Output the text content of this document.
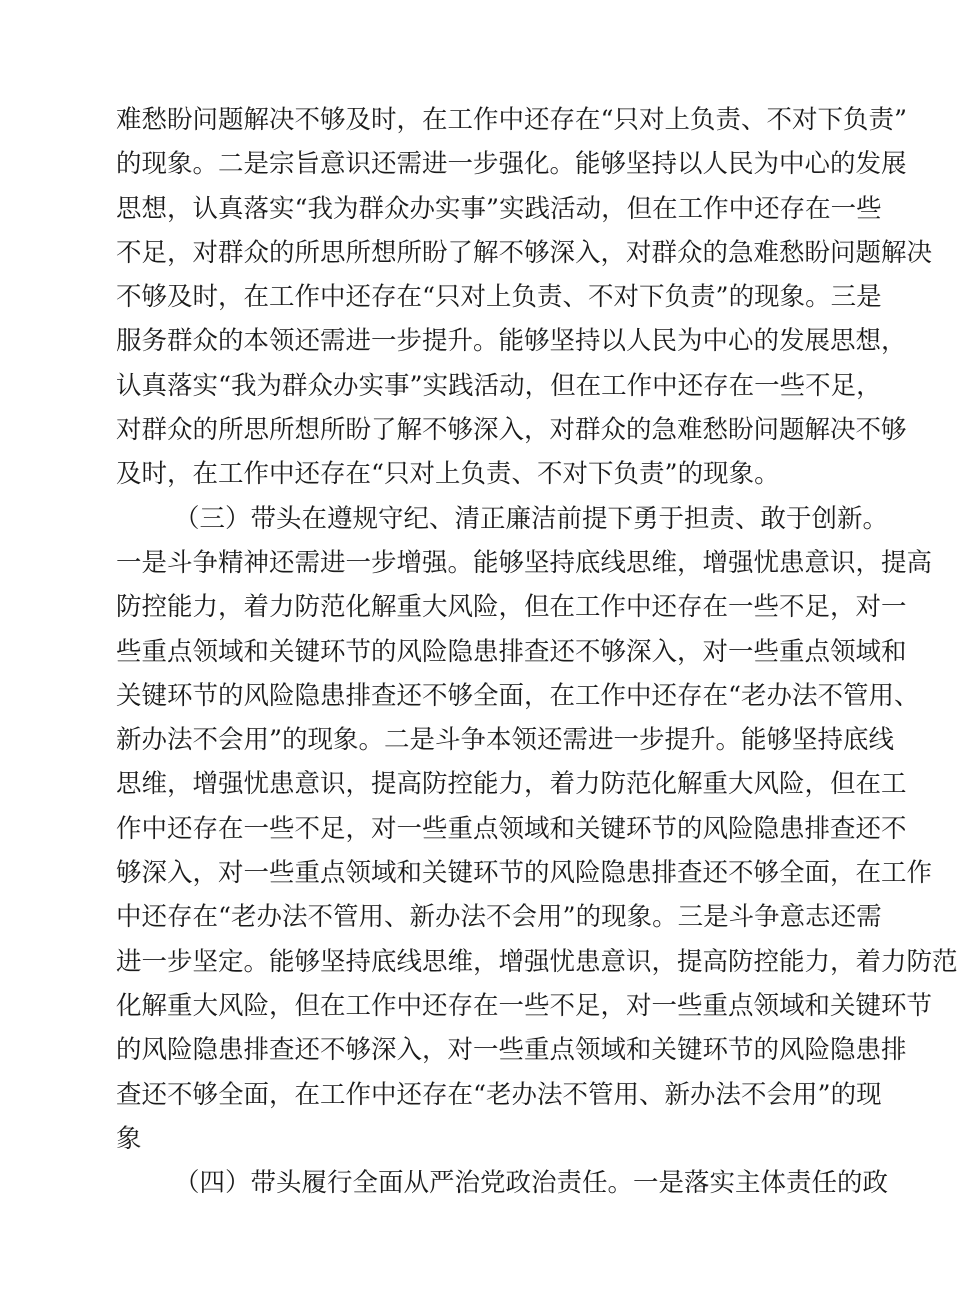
难愁盼问题解决不够及时，在工作中还存在“只对上负责、不对下负责”
的现象。二是宗旨意识还需进一步强化。能够坚持以人民为中心的发展
思想，认真落实“我为群众办实事”实践活动，但在工作中还存在一些
不足，对群众的所思所想所盼了解不够深入，对群众的急难愁盼问题解决
不够及时，在工作中还存在“只对上负责、不对下负责”的现象。三是
服务群众的本领还需进一步提升。能够坚持以人民为中心的发展思想，
认真落实“我为群众办实事”实践活动，但在工作中还存在一些不足，
对群众的所思所想所盼了解不够深入，对群众的急难愁盼问题解决不够
及时，在工作中还存在“只对上负责、不对下负责”的现象。
（三）带头在遵规守纪、清正廉洁前提下勇于担责、敢于创新。
一是斗争精神还需进一步增强。能够坚持底线思维，增强忧患意识，提高
防控能力，着力防范化解重大风险，但在工作中还存在一些不足，对一
些重点领域和关键环节的风险隐患排查还不够深入，对一些重点领域和
关键环节的风险隐患排查还不够全面，在工作中还存在“老办法不管用、
新办法不会用”的现象。二是斗争本领还需进一步提升。能够坚持底线
思维，增强忧患意识，提高防控能力，着力防范化解重大风险，但在工
作中还存在一些不足，对一些重点领域和关键环节的风险隐患排查还不
够深入，对一些重点领域和关键环节的风险隐患排查还不够全面，在工作
中还存在“老办法不管用、新办法不会用”的现象。三是斗争意志还需
进一步坚定。能够坚持底线思维，增强忧患意识，提高防控能力，着力防范
化解重大风险，但在工作中还存在一些不足，对一些重点领域和关键环节
的风险隐患排查还不够深入，对一些重点领域和关键环节的风险隐患排
查还不够全面，在工作中还存在“老办法不管用、新办法不会用”的现
象
（四）带头履行全面从严治党政治责任。一是落实主体责任的政
